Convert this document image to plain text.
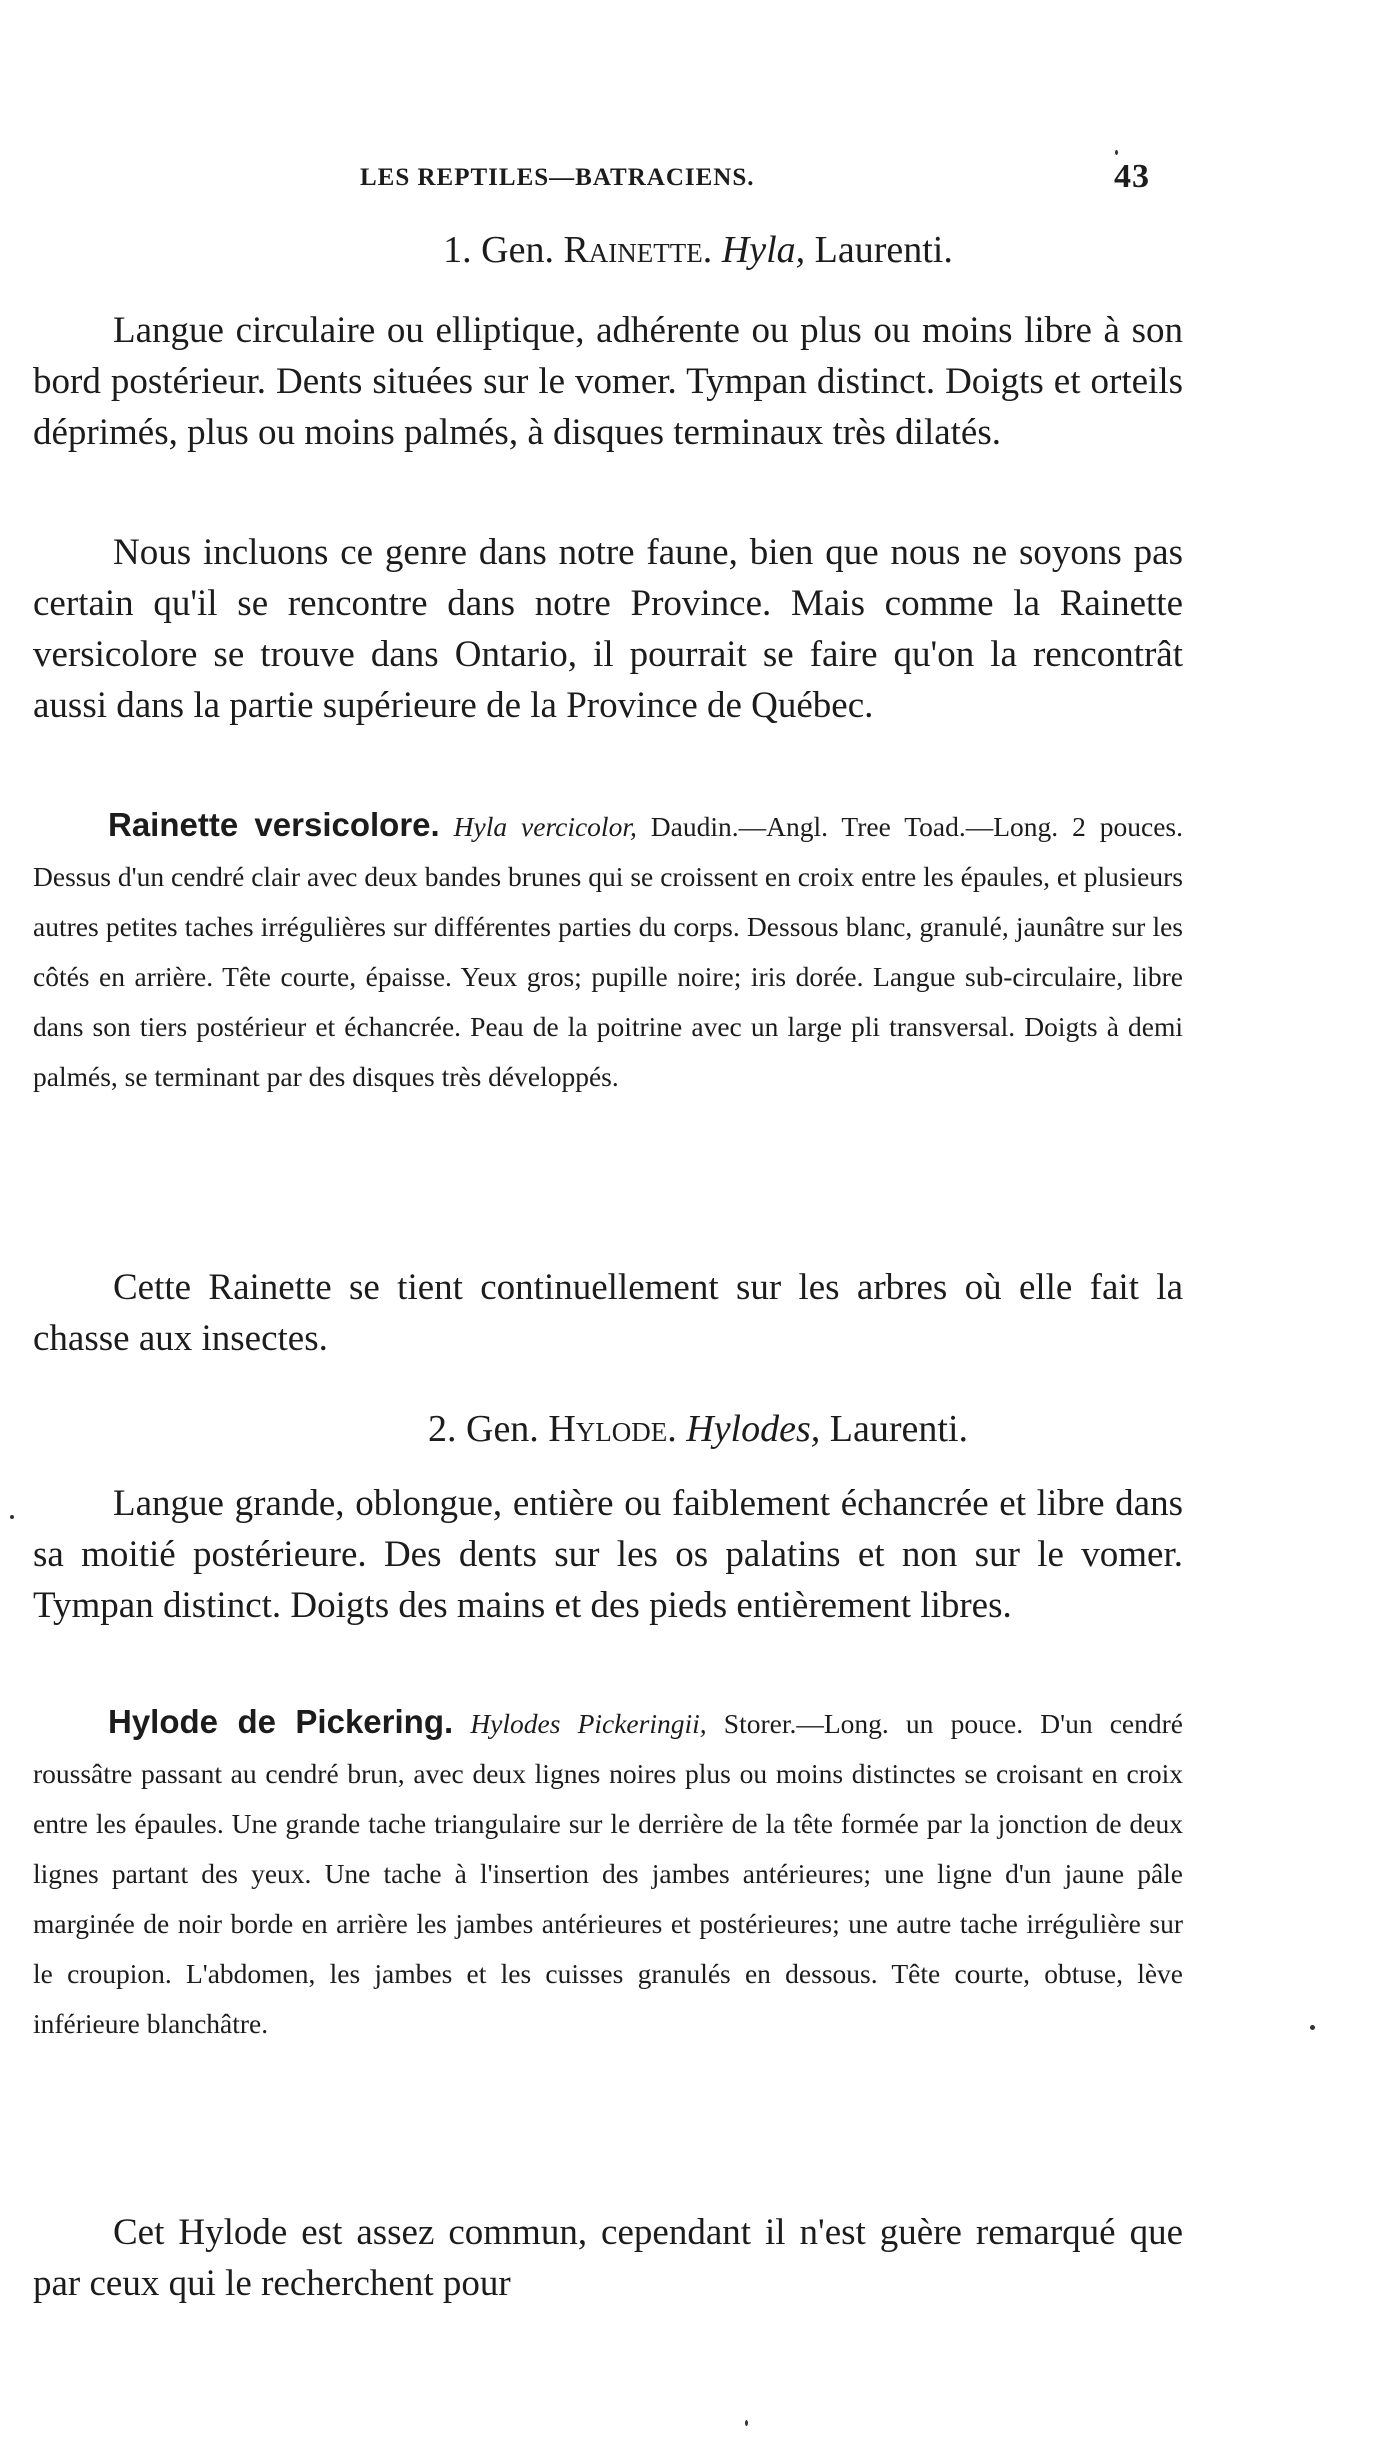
LES REPTILES—BATRACIENS.	43
1. Gen. Rainette. Hyla, Laurenti.

Langue circulaire ou elliptique, adhérente ou plus ou moins libre à son bord postérieur. Dents situées sur le vomer. Tympan distinct. Doigts et orteils déprimés, plus ou moins palmés, à disques terminaux très dilatés.

Nous incluons ce genre dans notre faune, bien que nous ne soyons pas certain qu'il se rencontre dans notre Province. Mais comme la Rainette versicolore se trouve dans Ontario, il pourrait se faire qu'on la rencontrât aussi dans la partie supérieure de la Province de Québec.

Rainette versicolore. Hyla vercicolor, Daudin.—Angl. Tree Toad.—Long. 2 pouces. Dessus d'un cendré clair avec deux bandes brunes qui se croissent en croix entre les épaules, et plusieurs autres petites taches irrégulières sur différentes parties du corps. Dessous blanc, granulé, jaunâtre sur les côtés en arrière. Tête courte, épaisse. Yeux gros; pupille noire; iris dorée. Langue sub-circulaire, libre dans son tiers postérieur et échancrée. Peau de la poitrine avec un large pli transversal. Doigts à demi palmés, se terminant par des disques très développés.

Cette Rainette se tient continuellement sur les arbres où elle fait la chasse aux insectes.

2. Gen. Hylode. Hylodes, Laurenti.

Langue grande, oblongue, entière ou faiblement échancrée et libre dans sa moitié postérieure. Des dents sur les os palatins et non sur le vomer. Tympan distinct. Doigts des mains et des pieds entièrement libres.

Hylode de Pickering. Hylodes Pickeringii, Storer.—Long. un pouce. D'un cendré roussâtre passant au cendré brun, avec deux lignes noires plus ou moins distinctes se croisant en croix entre les épaules. Une grande tache triangulaire sur le derrière de la tête formée par la jonction de deux lignes partant des yeux. Une tache à l'insertion des jambes antérieures; une ligne d'un jaune pâle marginée de noir borde en arrière les jambes antérieures et postérieures; une autre tache irrégulière sur le croupion. L'abdomen, les jambes et les cuisses granulés en dessous. Tête courte, obtuse, lève inférieure blanchâtre.

Cet Hylode est assez commun, cependant il n'est guère remarqué que par ceux qui le recherchent pour
